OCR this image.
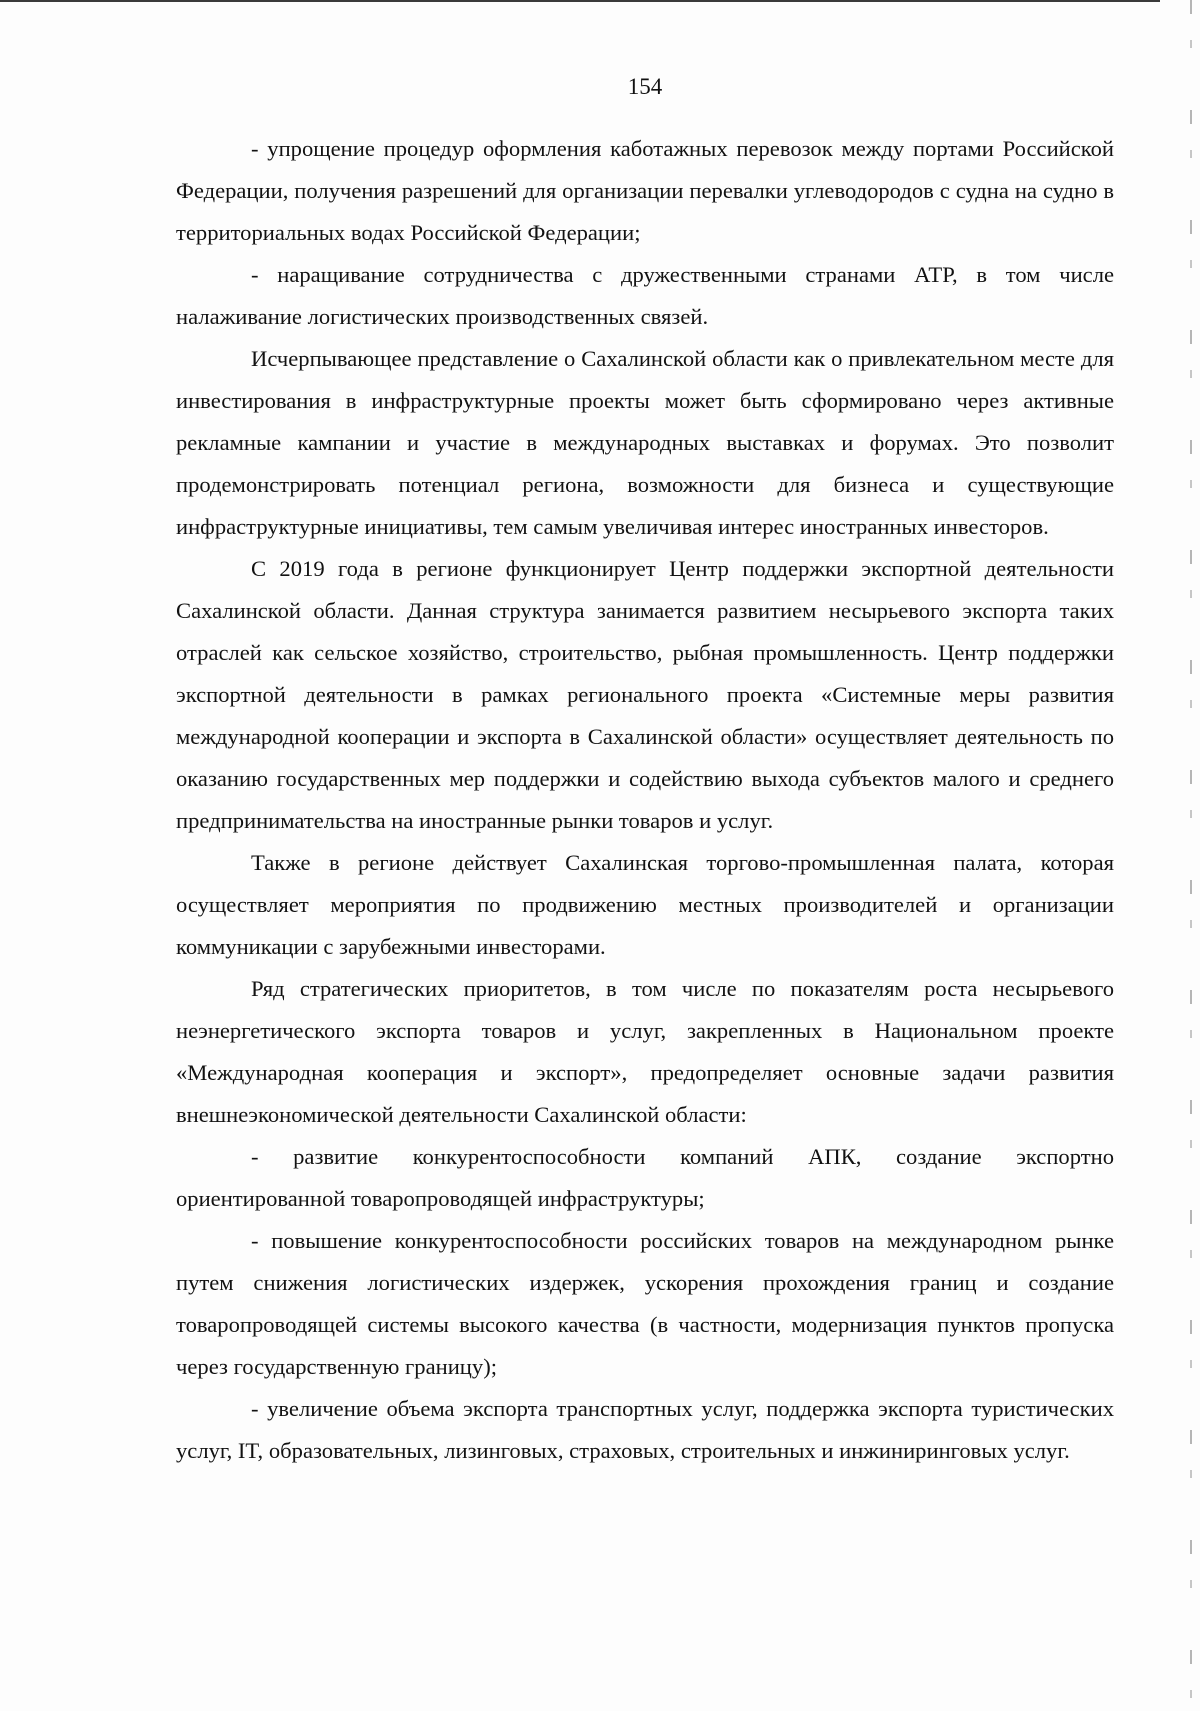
154

- упрощение процедур оформления каботажных перевозок между портами Российской Федерации, получения разрешений для организации перевалки углеводородов с судна на судно в территориальных водах Российской Федерации;

- наращивание сотрудничества с дружественными странами АТР, в том числе налаживание логистических производственных связей.

Исчерпывающее представление о Сахалинской области как о привлекательном месте для инвестирования в инфраструктурные проекты может быть сформировано через активные рекламные кампании и участие в международных выставках и форумах. Это позволит продемонстрировать потенциал региона, возможности для бизнеса и существующие инфраструктурные инициативы, тем самым увеличивая интерес иностранных инвесторов.

С 2019 года в регионе функционирует Центр поддержки экспортной деятельности Сахалинской области. Данная структура занимается развитием несырьевого экспорта таких отраслей как сельское хозяйство, строительство, рыбная промышленность. Центр поддержки экспортной деятельности в рамках регионального проекта «Системные меры развития международной кооперации и экспорта в Сахалинской области» осуществляет деятельность по оказанию государственных мер поддержки и содействию выхода субъектов малого и среднего предпринимательства на иностранные рынки товаров и услуг.

Также в регионе действует Сахалинская торгово-промышленная палата, которая осуществляет мероприятия по продвижению местных производителей и организации коммуникации с зарубежными инвесторами.

Ряд стратегических приоритетов, в том числе по показателям роста несырьевого неэнергетического экспорта товаров и услуг, закрепленных в Национальном проекте «Международная кооперация и экспорт», предопределяет основные задачи развития внешнеэкономической деятельности Сахалинской области:

- развитие конкурентоспособности компаний АПК, создание экспортно ориентированной товаропроводящей инфраструктуры;

- повышение конкурентоспособности российских товаров на международном рынке путем снижения логистических издержек, ускорения прохождения границ и создание товаропроводящей системы высокого качества (в частности, модернизация пунктов пропуска через государственную границу);

- увеличение объема экспорта транспортных услуг, поддержка экспорта туристических услуг, IT, образовательных, лизинговых, страховых, строительных и инжиниринговых услуг.
